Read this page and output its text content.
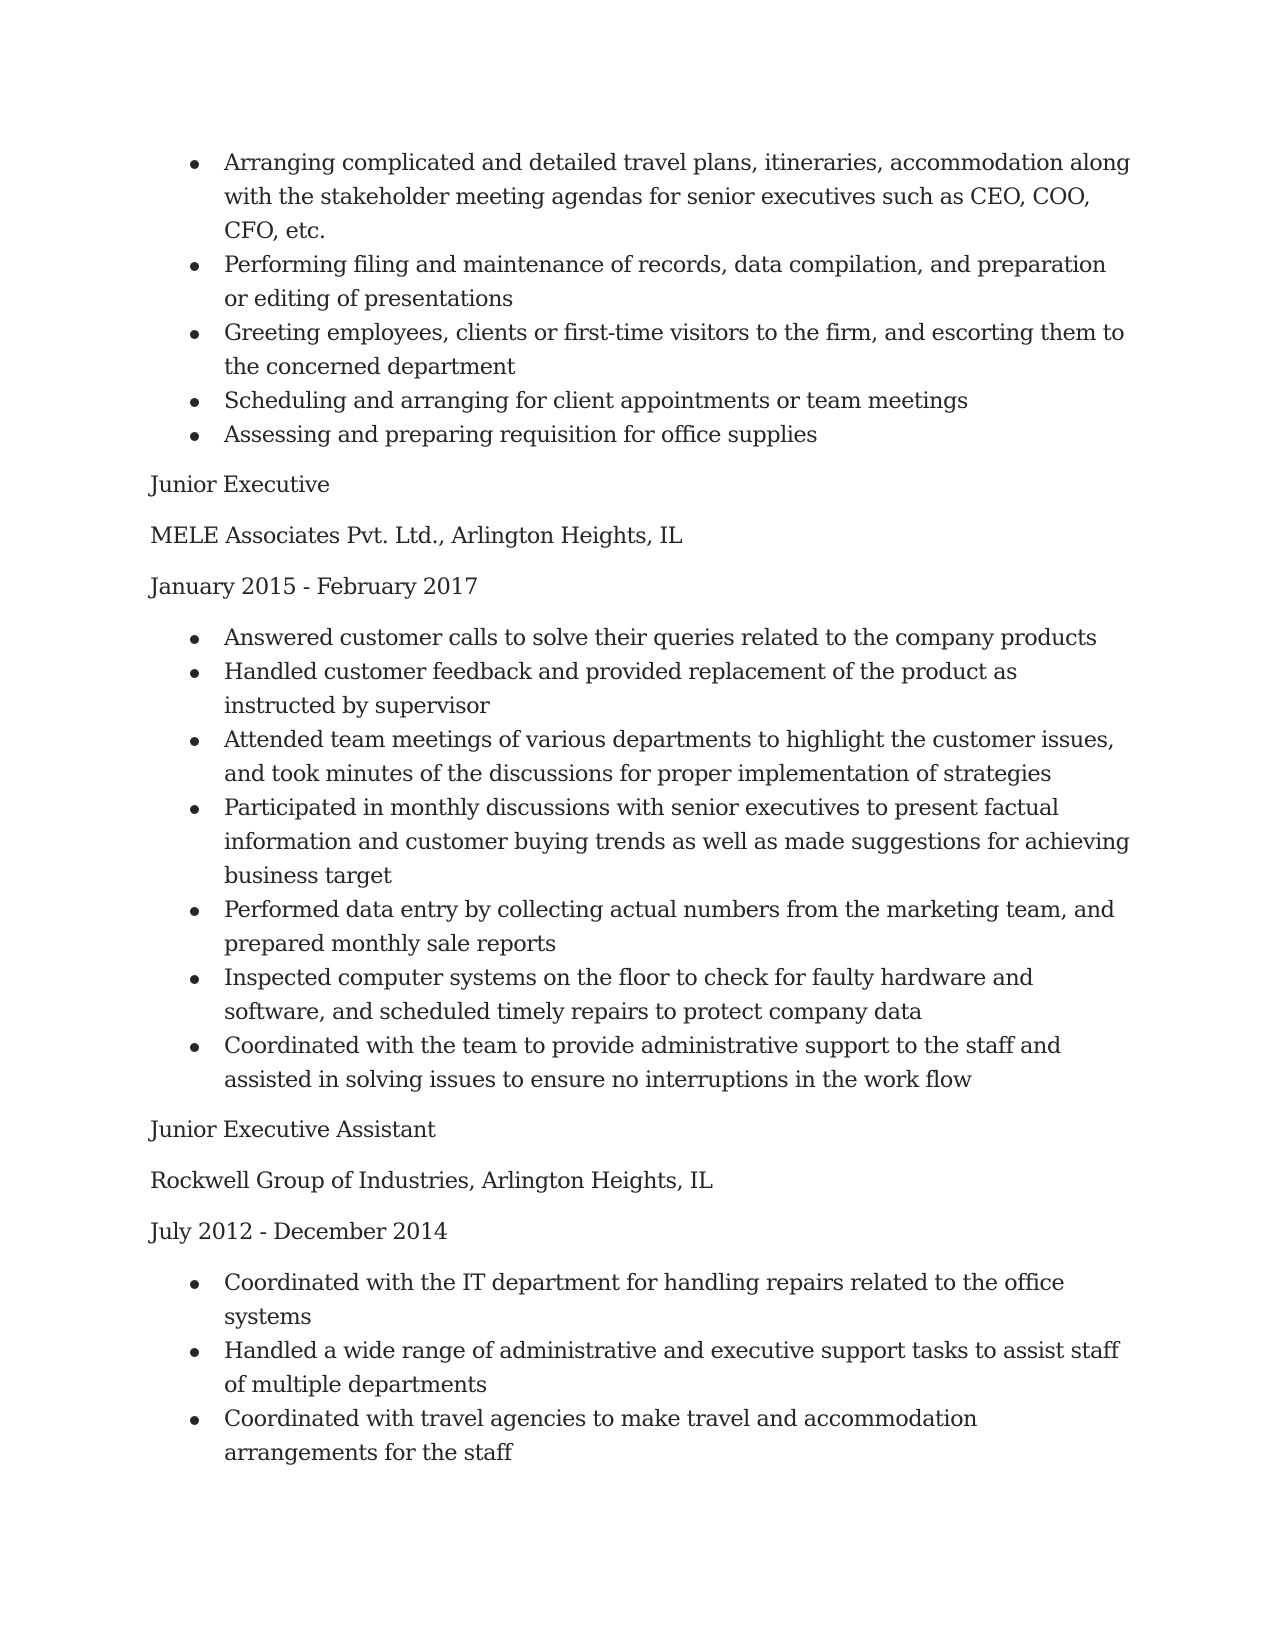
Arranging complicated and detailed travel plans, itineraries, accommodation along with the stakeholder meeting agendas for senior executives such as CEO, COO, CFO, etc.
Performing filing and maintenance of records, data compilation, and preparation or editing of presentations
Greeting employees, clients or first-time visitors to the firm, and escorting them to the concerned department
Scheduling and arranging for client appointments or team meetings
Assessing and preparing requisition for office supplies

Junior Executive

MELE Associates Pvt. Ltd., Arlington Heights, IL

January 2015 - February 2017

Answered customer calls to solve their queries related to the company products
Handled customer feedback and provided replacement of the product as instructed by supervisor
Attended team meetings of various departments to highlight the customer issues, and took minutes of the discussions for proper implementation of strategies
Participated in monthly discussions with senior executives to present factual information and customer buying trends as well as made suggestions for achieving business target
Performed data entry by collecting actual numbers from the marketing team, and prepared monthly sale reports
Inspected computer systems on the floor to check for faulty hardware and software, and scheduled timely repairs to protect company data
Coordinated with the team to provide administrative support to the staff and assisted in solving issues to ensure no interruptions in the work flow

Junior Executive Assistant

Rockwell Group of Industries, Arlington Heights, IL

July 2012 - December 2014

Coordinated with the IT department for handling repairs related to the office systems
Handled a wide range of administrative and executive support tasks to assist staff of multiple departments
Coordinated with travel agencies to make travel and accommodation arrangements for the staff
